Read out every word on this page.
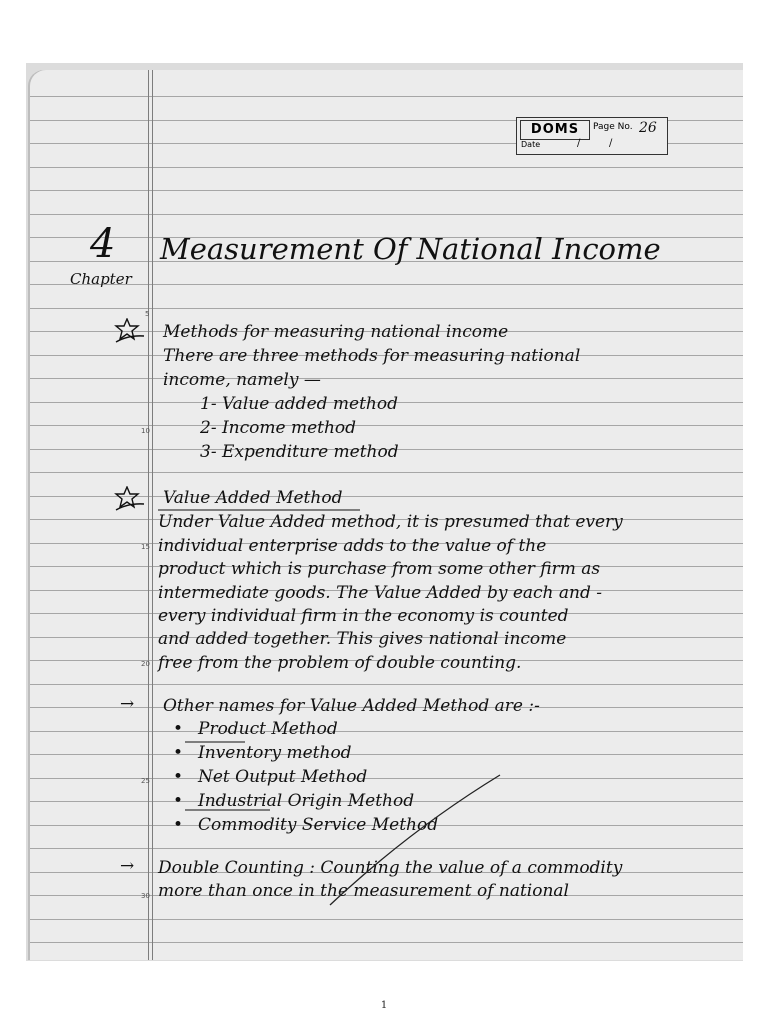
DOMS	Page No. 26
Date	/	/
5
10
15
20
25
30
4
Chapter
Measurement Of National Income
Methods for measuring national income
There are three methods for measuring national
income, namely —
1- Value added method
2- Income method
3- Expenditure method
Value Added Method
Under Value Added method, it is presumed that every
individual enterprise adds to the value of the
product which is purchase from some other firm as
intermediate goods. The Value Added by each and -
every individual firm in the economy is counted
and added together. This gives national income
free from the problem of double counting.
→ Other names for Value Added Method are :-
• Product Method
• Inventory method
• Net Output Method
• Industrial Origin Method
• Commodity Service Method
→ Double Counting : Counting the value of a commodity
more than once in the measurement of national
1
